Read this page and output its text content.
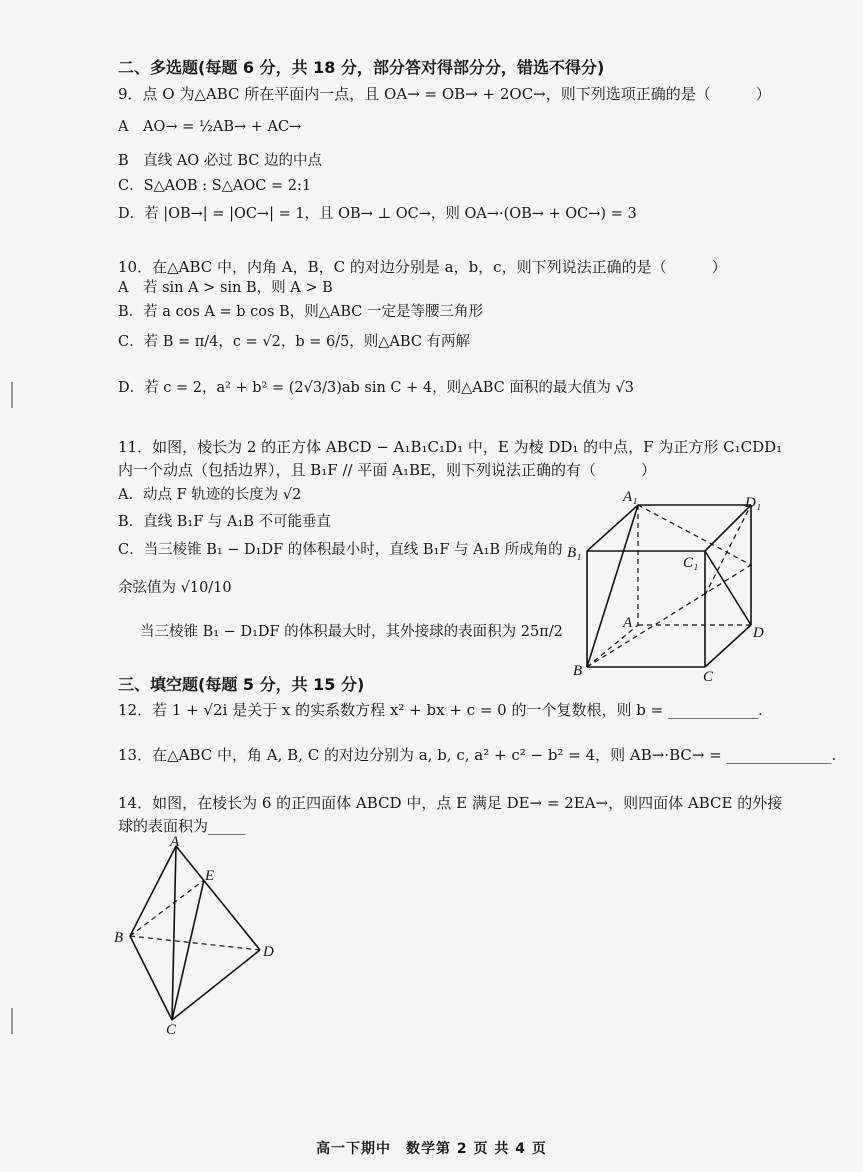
二、多选题(每题 6 分，共 18 分，部分答对得部分分，错选不得分)
9．点 O 为△ABC 所在平面内一点，且 OA→ = OB→ + 2OC→，则下列选项正确的是（　　　）
A　AO→ = ½AB→ + AC→
B　直线 AO 必过 BC 边的中点
C．S△AOB : S△AOC = 2:1
D．若 |OB→| = |OC→| = 1，且 OB→ ⊥ OC→，则 OA→·(OB→ + OC→) = 3
10．在△ABC 中，内角 A，B，C 的对边分别是 a，b，c，则下列说法正确的是（　　　）
A　若 sin A > sin B，则 A > B
B．若 a cos A = b cos B，则△ABC 一定是等腰三角形
C．若 B = π/4，c = √2，b = 6/5，则△ABC 有两解
D．若 c = 2，a² + b² = (2√3/3)ab sin C + 4，则△ABC 面积的最大值为 √3
11．如图，棱长为 2 的正方体 ABCD − A₁B₁C₁D₁ 中，E 为棱 DD₁ 的中点，F 为正方形 C₁CDD₁
内一个动点（包括边界），且 B₁F // 平面 A₁BE，则下列说法正确的有（　　　）
A．动点 F 轨迹的长度为 √2
B．直线 B₁F 与 A₁B 不可能垂直
C．当三棱锥 B₁ − D₁DF 的体积最小时，直线 B₁F 与 A₁B 所成角的
余弦值为 √10/10
当三棱锥 B₁ − D₁DF 的体积最大时，其外接球的表面积为 25π/2
A₁	D₁
B₁
C₁
A
D
B	C
三、填空题(每题 5 分，共 15 分)
12．若 1 + √2i 是关于 x 的实系数方程 x² + bx + c = 0 的一个复数根，则 b = ____________.
13．在△ABC 中，角 A, B, C 的对边分别为 a, b, c, a² + c² − b² = 4，则 AB→·BC→ = ______________.
14．如图，在棱长为 6 的正四面体 ABCD 中，点 E 满足 DE→ = 2EA→，则四面体 ABCE 的外接
球的表面积为_____
A
E
B
D
C
高一下期中　数学第 2 页 共 4 页
